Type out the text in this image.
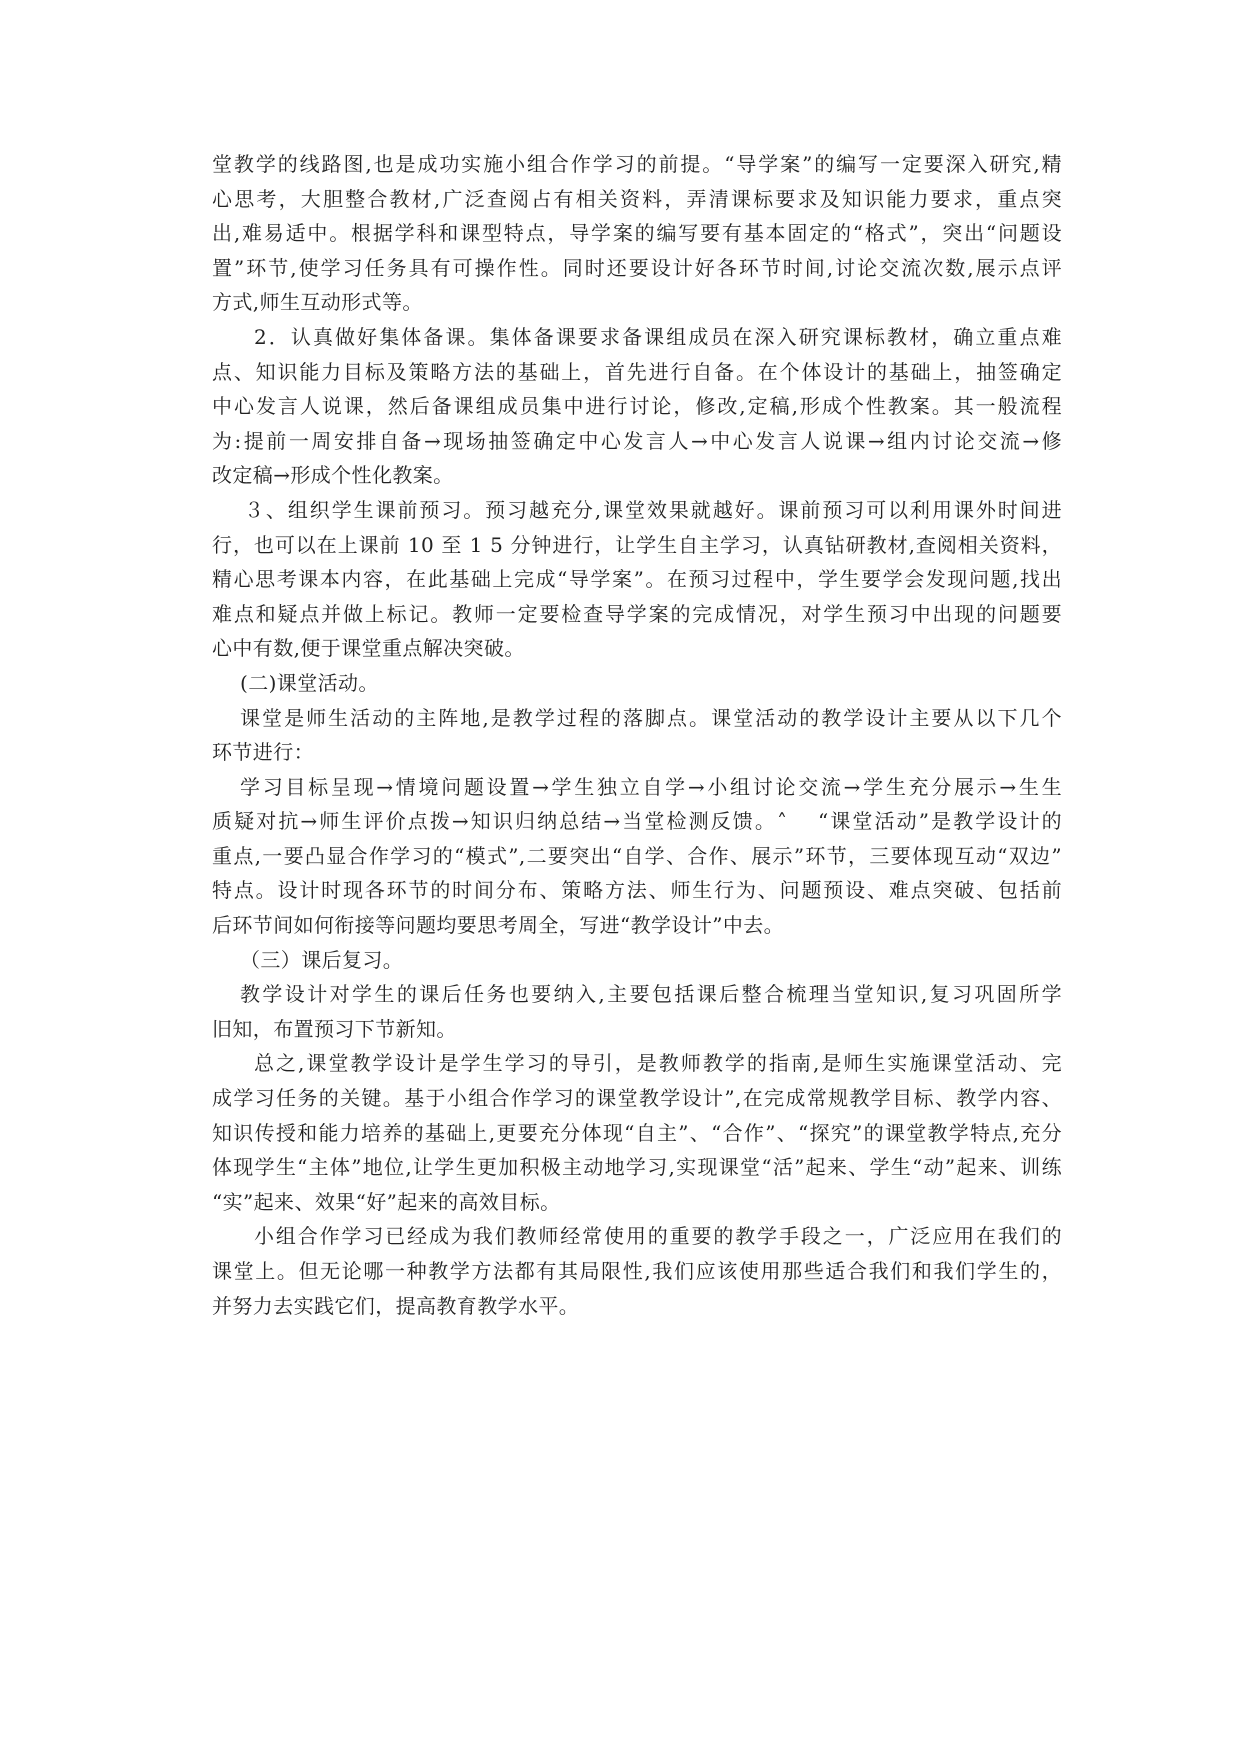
堂教学的线路图,也是成功实施小组合作学习的前提。“导学案”的编写一定要深入研究,精
心思考，大胆整合教材,广泛查阅占有相关资料，弄清课标要求及知识能力要求，重点突
出,难易适中。根据学科和课型特点，导学案的编写要有基本固定的“格式”，突出“问题设
置”环节,使学习任务具有可操作性。同时还要设计好各环节时间,讨论交流次数,展示点评
方式,师生互动形式等。
2．认真做好集体备课。集体备课要求备课组成员在深入研究课标教材，确立重点难
点、知识能力目标及策略方法的基础上，首先进行自备。在个体设计的基础上，抽签确定
中心发言人说课，然后备课组成员集中进行讨论，修改,定稿,形成个性教案。其一般流程
为:提前一周安排自备→现场抽签确定中心发言人→中心发言人说课→组内讨论交流→修
改定稿→形成个性化教案。
３、组织学生课前预习。预习越充分,课堂效果就越好。课前预习可以利用课外时间进
行，也可以在上课前 10 至 1 5 分钟进行，让学生自主学习，认真钻研教材,查阅相关资料，
精心思考课本内容，在此基础上完成“导学案”。在预习过程中，学生要学会发现问题,找出
难点和疑点并做上标记。教师一定要检查导学案的完成情况，对学生预习中出现的问题要
心中有数,便于课堂重点解决突破。
(二)课堂活动。
课堂是师生活动的主阵地,是教学过程的落脚点。课堂活动的教学设计主要从以下几个
环节进行：
学习目标呈现→情境问题设置→学生独立自学→小组讨论交流→学生充分展示→生生
质疑对抗→师生评价点拨→知识归纳总结→当堂检测反馈。˄ 　“课堂活动”是教学设计的
重点,一要凸显合作学习的“模式”,二要突出“自学、合作、展示”环节，三要体现互动“双边”
特点。设计时现各环节的时间分布、策略方法、师生行为、问题预设、难点突破、包括前
后环节间如何衔接等问题均要思考周全，写进“教学设计”中去。
（三）课后复习。
教学设计对学生的课后任务也要纳入,主要包括课后整合梳理当堂知识,复习巩固所学
旧知，布置预习下节新知。
总之,课堂教学设计是学生学习的导引，是教师教学的指南,是师生实施课堂活动、完
成学习任务的关键。基于小组合作学习的课堂教学设计”,在完成常规教学目标、教学内容、
知识传授和能力培养的基础上,更要充分体现“自主”、“合作”、“探究”的课堂教学特点,充分
体现学生“主体”地位,让学生更加积极主动地学习,实现课堂“活”起来、学生“动”起来、训练
“实”起来、效果“好”起来的高效目标。
小组合作学习已经成为我们教师经常使用的重要的教学手段之一，广泛应用在我们的
课堂上。但无论哪一种教学方法都有其局限性,我们应该使用那些适合我们和我们学生的，
并努力去实践它们，提高教育教学水平。
